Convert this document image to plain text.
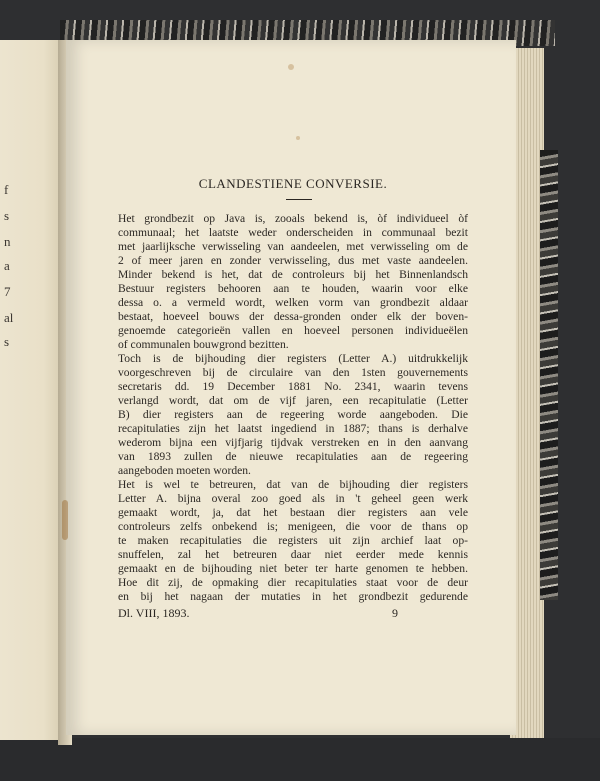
f
s
n
a
7
al
s
CLANDESTIENE CONVERSIE.
Het grondbezit op Java is, zooals bekend is, òf individueel òf
communaal; het laatste weder onderscheiden in communaal bezit
met jaarlijksche verwisseling van aandeelen, met verwisseling om de
2 of meer jaren en zonder verwisseling, dus met vaste aandeelen.
Minder bekend is het, dat de controleurs bij het Binnenlandsch
Bestuur registers behooren aan te houden, waarin voor elke
dessa o. a vermeld wordt, welken vorm van grondbezit aldaar
bestaat, hoeveel bouws der dessa-gronden onder elk der boven-
genoemde categorieën vallen en hoeveel personen individueëlen
of communalen bouwgrond bezitten.
Toch is de bijhouding dier registers (Letter A.) uitdrukkelijk
voorgeschreven bij de circulaire van den 1sten gouvernements
secretaris dd. 19 December 1881 No. 2341, waarin tevens
verlangd wordt, dat om de vijf jaren, een recapitulatie (Letter
B) dier registers aan de regeering worde aangeboden. Die
recapitulaties zijn het laatst ingediend in 1887; thans is derhalve
wederom bijna een vijfjarig tijdvak verstreken en in den aanvang
van 1893 zullen de nieuwe recapitulaties aan de regeering
aangeboden moeten worden.
Het is wel te betreuren, dat van de bijhouding dier registers
Letter A. bijna overal zoo goed als in 't geheel geen werk
gemaakt wordt, ja, dat het bestaan dier registers aan vele
controleurs zelfs onbekend is; menigeen, die voor de thans op
te maken recapitulaties die registers uit zijn archief laat op-
snuffelen, zal het betreuren daar niet eerder mede kennis
gemaakt en de bijhouding niet beter ter harte genomen te hebben.
Hoe dit zij, de opmaking dier recapitulaties staat voor de deur
en bij het nagaan der mutaties in het grondbezit gedurende
Dl. VIII, 1893.	9
